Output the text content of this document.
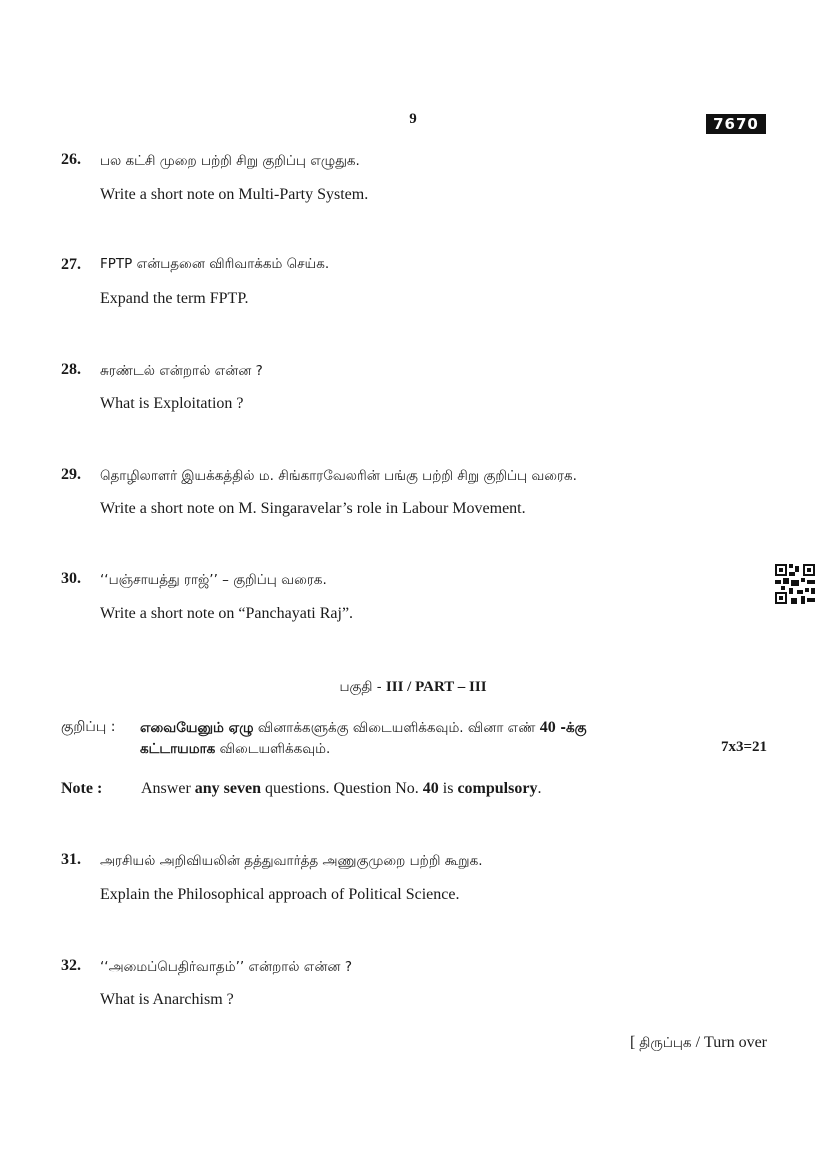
9	7670
26. பல கட்சி முறை பற்றி சிறு குறிப்பு எழுதுக.
Write a short note on Multi-Party System.
27. FPTP என்பதனை விரிவாக்கம் செய்க.
Expand the term FPTP.
28. சுரண்டல் என்றால் என்ன ?
What is Exploitation ?
29. தொழிலாளர் இயக்கத்தில் ம. சிங்காரவேலரின் பங்கு பற்றி சிறு குறிப்பு வரைக.
Write a short note on M. Singaravelar’s role in Labour Movement.
30. ‘‘பஞ்சாயத்து ராஜ்’’ – குறிப்பு வரைக.
Write a short note on “Panchayati Raj”.
பகுதி - III / PART – III
குறிப்பு : எவையேனும் ஏழு வினாக்களுக்கு விடையளிக்கவும். வினா எண் 40 -க்கு
கட்டாயமாக விடையளிக்கவும்.	7x3=21
Note : Answer any seven questions. Question No. 40 is compulsory.
31. அரசியல் அறிவியலின் தத்துவார்த்த அணுகுமுறை பற்றி கூறுக.
Explain the Philosophical approach of Political Science.
32. ‘‘அமைப்பெதிர்வாதம்’’ என்றால் என்ன ?
What is Anarchism ?
[ திருப்புக / Turn over
